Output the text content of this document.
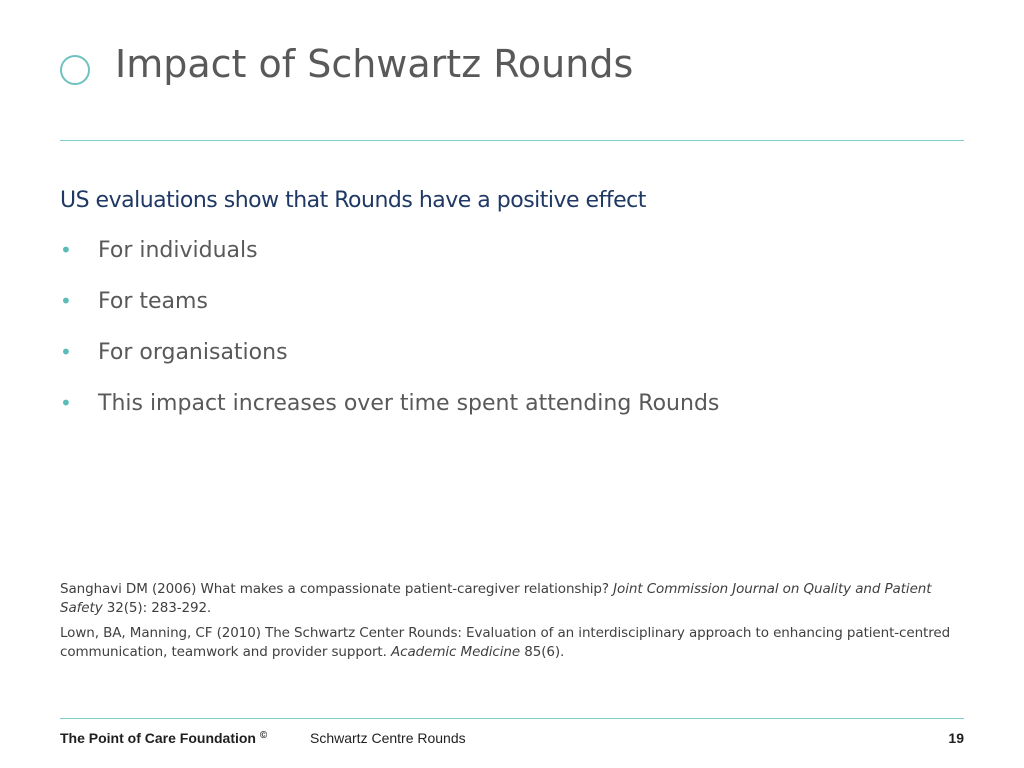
Impact of Schwartz Rounds

US evaluations show that Rounds have a positive effect

•	For individuals
•	For teams
•	For organisations
•	This impact increases over time spent attending Rounds

Sanghavi DM (2006) What makes a compassionate patient-caregiver relationship? Joint Commission Journal on Quality and Patient Safety 32(5): 283-292.

Lown, BA, Manning, CF (2010) The Schwartz Center Rounds: Evaluation of an interdisciplinary approach to enhancing patient-centred communication, teamwork and provider support. Academic Medicine 85(6).

The Point of Care Foundation ©	Schwartz Centre Rounds	19
